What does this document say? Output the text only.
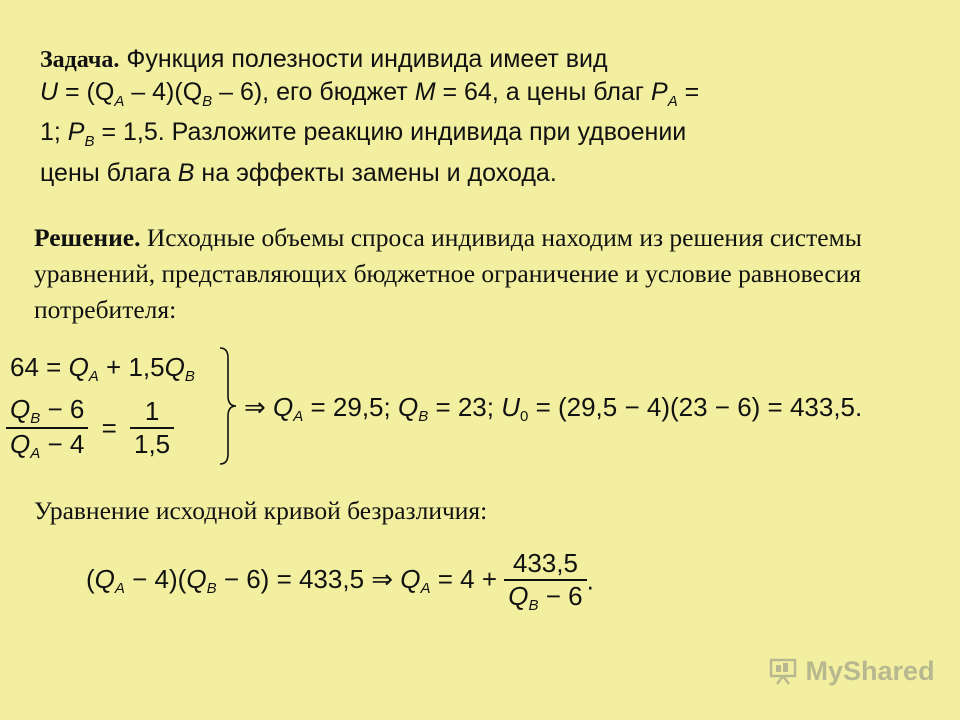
Задача. Функция полезности индивида имеет вид
$U = (Q_A - 4)(Q_B - 6)$, его бюджет M = 64, а цены благ $P_A$ =
1; $P_B = 1,5$. Разложите реакцию индивида при удвоении
цены блага B на эффекты замены и дохода.
Решение. Исходные объемы спроса индивида находим из решения системы уравнений, представляющих бюджетное ограничение и условие равновесия потребителя:
$64 = Q_A + 1,5Q_B$
$\frac{Q_B - 6}{Q_A - 4} = \frac{1}{1,5}$	⇒ $Q_A = 29,5$; $Q_B = 23$; $U_0 = (29,5 - 4)(23 - 6) = 433,5$.
Уравнение исходной кривой безразличия:
$(Q_A - 4)(Q_B - 6) = 433,5$ ⇒ $Q_A = 4 + \frac{433,5}{Q_B - 6}$ .
MyShared
